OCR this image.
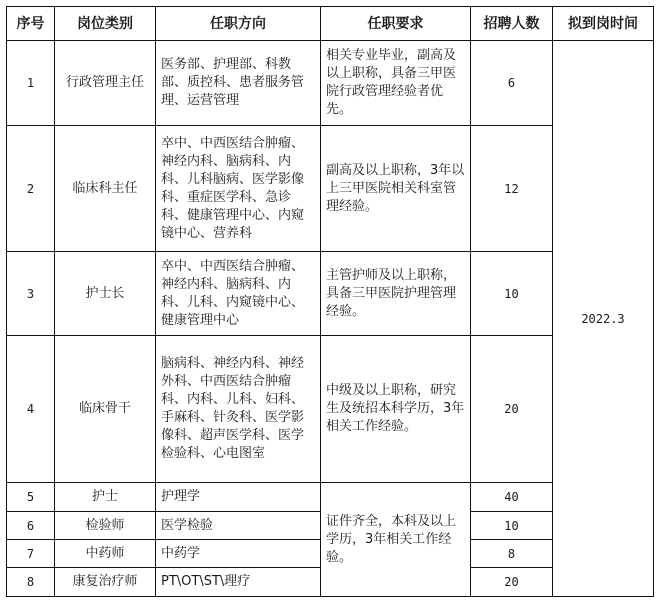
序号	岗位类别	任职方向	任职要求	招聘人数	拟到岗时间
1	行政管理主任	医务部、护理部、科教部、质控科、患者服务管理、运营管理	相关专业毕业，副高及以上职称，具备三甲医院行政管理经验者优先。	6	2022.3
2	临床科主任	卒中、中西医结合肿瘤、神经内科、脑病科、内科、儿科脑病、医学影像科、重症医学科、急诊科、健康管理中心、内窥镜中心、营养科	副高及以上职称，3年以上三甲医院相关科室管理经验。	12	
3	护士长	卒中、中西医结合肿瘤、神经内科、脑病科、内科、儿科、内窥镜中心、健康管理中心	主管护师及以上职称，具备三甲医院护理管理经验。	10	
4	临床骨干	脑病科、神经内科、神经外科、中西医结合肿瘤科、内科、儿科、妇科、手麻科、针灸科、医学影像科、超声医学科、医学检验科、心电图室	中级及以上职称，研究生及统招本科学历，3年相关工作经验。	20	
5	护士	护理学	证件齐全，本科及以上学历，3年相关工作经验。	40	
6	检验师	医学检验		10	
7	中药师	中药学		8	
8	康复治疗师	PT\OT\ST\理疗		20	
